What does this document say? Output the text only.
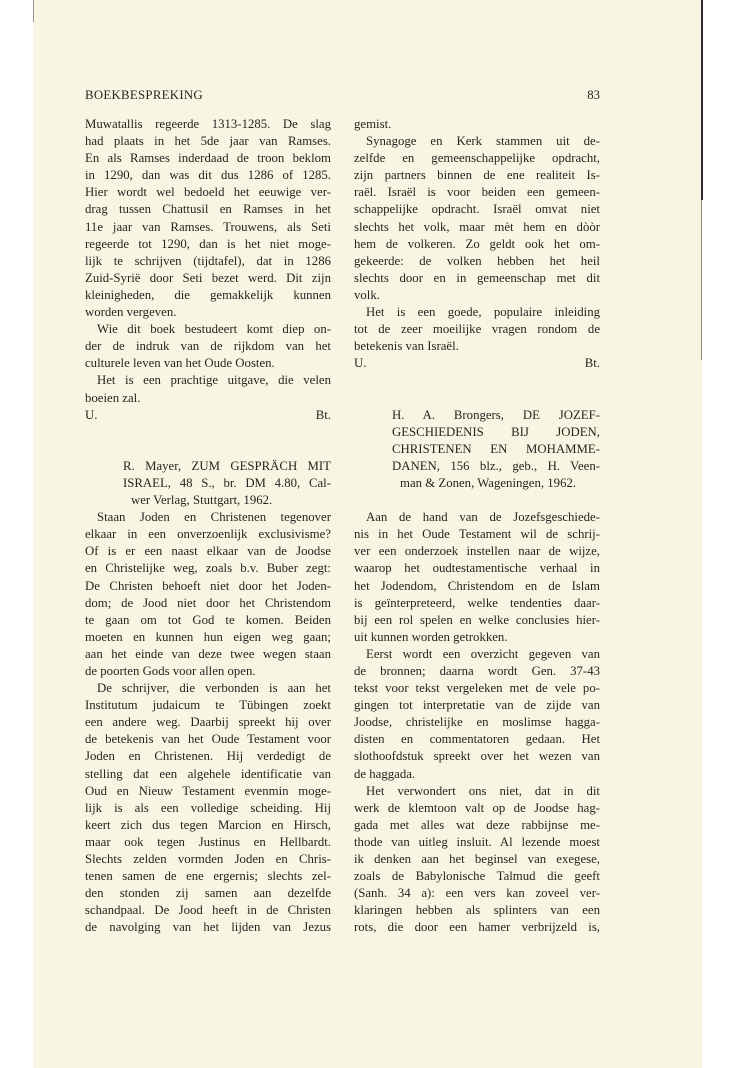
BOEKBESPREKING	83
Muwatallis regeerde 1313-1285. De slag
had plaats in het 5de jaar van Ramses.
En als Ramses inderdaad de troon beklom
in 1290, dan was dit dus 1286 of 1285.
Hier wordt wel bedoeld het eeuwige ver-
drag tussen Chattusil en Ramses in het
11e jaar van Ramses. Trouwens, als Seti
regeerde tot 1290, dan is het niet moge-
lijk te schrijven (tijdtafel), dat in 1286
Zuid-Syrië door Seti bezet werd. Dit zijn
kleinigheden, die gemakkelijk kunnen
worden vergeven.
Wie dit boek bestudeert komt diep on-
der de indruk van de rijkdom van het
culturele leven van het Oude Oosten.
Het is een prachtige uitgave, die velen
boeien zal.
U.	Bt.
R. Mayer, ZUM GESPRÄCH MIT
ISRAEL, 48 S., br. DM 4.80, Cal-
wer Verlag, Stuttgart, 1962.
Staan Joden en Christenen tegenover
elkaar in een onverzoenlijk exclusivisme?
Of is er een naast elkaar van de Joodse
en Christelijke weg, zoals b.v. Buber zegt:
De Christen behoeft niet door het Joden-
dom; de Jood niet door het Christendom
te gaan om tot God te komen. Beiden
moeten en kunnen hun eigen weg gaan;
aan het einde van deze twee wegen staan
de poorten Gods voor allen open.
De schrijver, die verbonden is aan het
Institutum judaicum te Tübingen zoekt
een andere weg. Daarbij spreekt hij over
de betekenis van het Oude Testament voor
Joden en Christenen. Hij verdedigt de
stelling dat een algehele identificatie van
Oud en Nieuw Testament evenmin moge-
lijk is als een volledige scheiding. Hij
keert zich dus tegen Marcion en Hirsch,
maar ook tegen Justinus en Hellbardt.
Slechts zelden vormden Joden en Chris-
tenen samen de ene ergernis; slechts zel-
den stonden zij samen aan dezelfde
schandpaal. De Jood heeft in de Christen
de navolging van het lijden van Jezus
gemist.
Synagoge en Kerk stammen uit de-
zelfde en gemeenschappelijke opdracht,
zijn partners binnen de ene realiteit Is-
raël. Israël is voor beiden een gemeen-
schappelijke opdracht. Israël omvat niet
slechts het volk, maar mèt hem en dòòr
hem de volkeren. Zo geldt ook het om-
gekeerde: de volken hebben het heil
slechts door en in gemeenschap met dit
volk.
Het is een goede, populaire inleiding
tot de zeer moeilijke vragen rondom de
betekenis van Israël.
U.	Bt.
H. A. Brongers, DE JOZEF-
GESCHIEDENIS BIJ JODEN,
CHRISTENEN EN MOHAMME-
DANEN, 156 blz., geb., H. Veen-
man & Zonen, Wageningen, 1962.
Aan de hand van de Jozefsgeschiede-
nis in het Oude Testament wil de schrij-
ver een onderzoek instellen naar de wijze,
waarop het oudtestamentische verhaal in
het Jodendom, Christendom en de Islam
is geïnterpreteerd, welke tendenties daar-
bij een rol spelen en welke conclusies hier-
uit kunnen worden getrokken.
Eerst wordt een overzicht gegeven van
de bronnen; daarna wordt Gen. 37-43
tekst voor tekst vergeleken met de vele po-
gingen tot interpretatie van de zijde van
Joodse, christelijke en moslimse hagga-
disten en commentatoren gedaan. Het
slothoofdstuk spreekt over het wezen van
de haggada.
Het verwondert ons niet, dat in dit
werk de klemtoon valt op de Joodse hag-
gada met alles wat deze rabbijnse me-
thode van uitleg insluit. Al lezende moest
ik denken aan het beginsel van exegese,
zoals de Babylonische Talmud die geeft
(Sanh. 34 a): een vers kan zoveel ver-
klaringen hebben als splinters van een
rots, die door een hamer verbrijzeld is,
